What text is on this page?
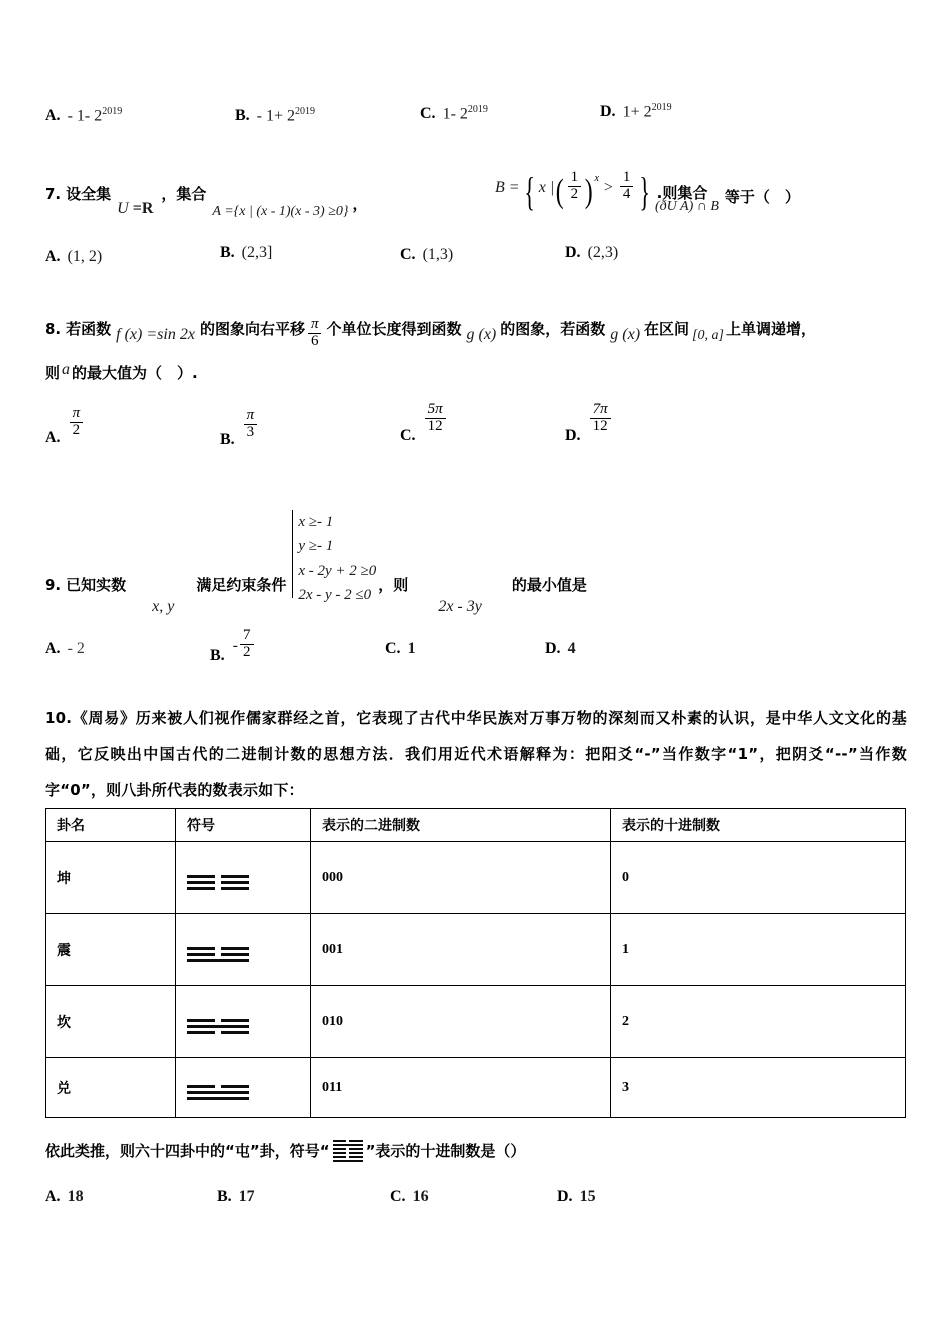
A. - 1- $2^{2019}$	B. - $1+ 2^{2019}$	C. 1- $2^{2019}$	D. $1+ 2^{2019}$
7. 设全集
U =R
，集合
A ={x | (x - 1)(x - 3) ≥0} ，
B = { x | ( $\frac{1}{2}$ ) x
> $\frac{1}{4}$ } .则集合
(ðU A) ∩ B
等于（　）
A. (1, 2)	B. (2,3]	C. (1,3)	D. (2,3)
8. 若函数 f (x) =sin 2x 的图象向右平移 $\frac{\pi}{6}$ 个单位长度得到函数 g (x) 的图象，若函数 g (x) 在区间 [0, a] 上单调递增，
则 a 的最大值为（　）.
A. $\frac{\pi}{2}$
B. $\frac{\pi}{3}$	C.
$\frac{5\pi}{12}$
D.
$\frac{7\pi}{12}$
9. 已知实数
x, y
满足约束条件
x ≥- 1
y ≥- 1
x - 2y + 2 ≥0
2x - y - 2 ≤0
，则
2x - 3y
的最小值是
A. - 2	B.
- $\frac{7}{2}$	C. 1	D. 4
10.《周易》历来被人们视作儒家群经之首，它表现了古代中华民族对万事万物的深刻而又朴素的认识，是中华人文文化的基础，它反映出中国古代的二进制计数的思想方法．我们用近代术语解释为：把阳爻“-”当作数字“1”，把阴爻“--”当作数字“0”，则八卦所代表的数表示如下：
卦名	符号	表示的二进制数	表示的十进制数
坤		000	0
震		001	1
坎		010	2
兑		011	3
依此类推，则六十四卦中的“屯”卦，符号“ ”表示的十进制数是（）
A. 18	B. 17	C. 16	D. 15
